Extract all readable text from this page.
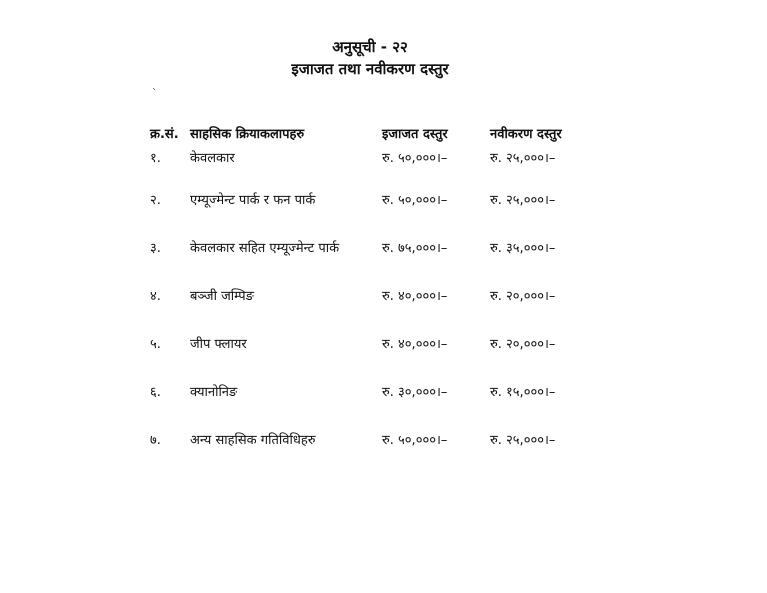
अनुसूची - २२
इजाजत तथा नवीकरण दस्तुर
`
क्र.सं.	साहसिक क्रियाकलापहरु	इजाजत दस्तुर	नवीकरण दस्तुर
१.	केवलकार	रु. ५०,०००।–	रु. २५,०००।–
२.	एम्यूज्मेन्ट पार्क र फन पार्क	रु. ५०,०००।–	रु. २५,०००।–
३.	केवलकार सहित एम्यूज्मेन्ट पार्क	रु. ७५,०००।–	रु. ३५,०००।–
४.	बञ्जी जम्पिङ	रु. ४०,०००।–	रु. २०,०००।–
५.	जीप फ्लायर	रु. ४०,०००।–	रु. २०,०००।–
६.	क्यानोनिङ	रु. ३०,०००।–	रु. १५,०००।–
७.	अन्य साहसिक गतिविधिहरु	रु. ५०,०००।–	रु. २५,०००।–
